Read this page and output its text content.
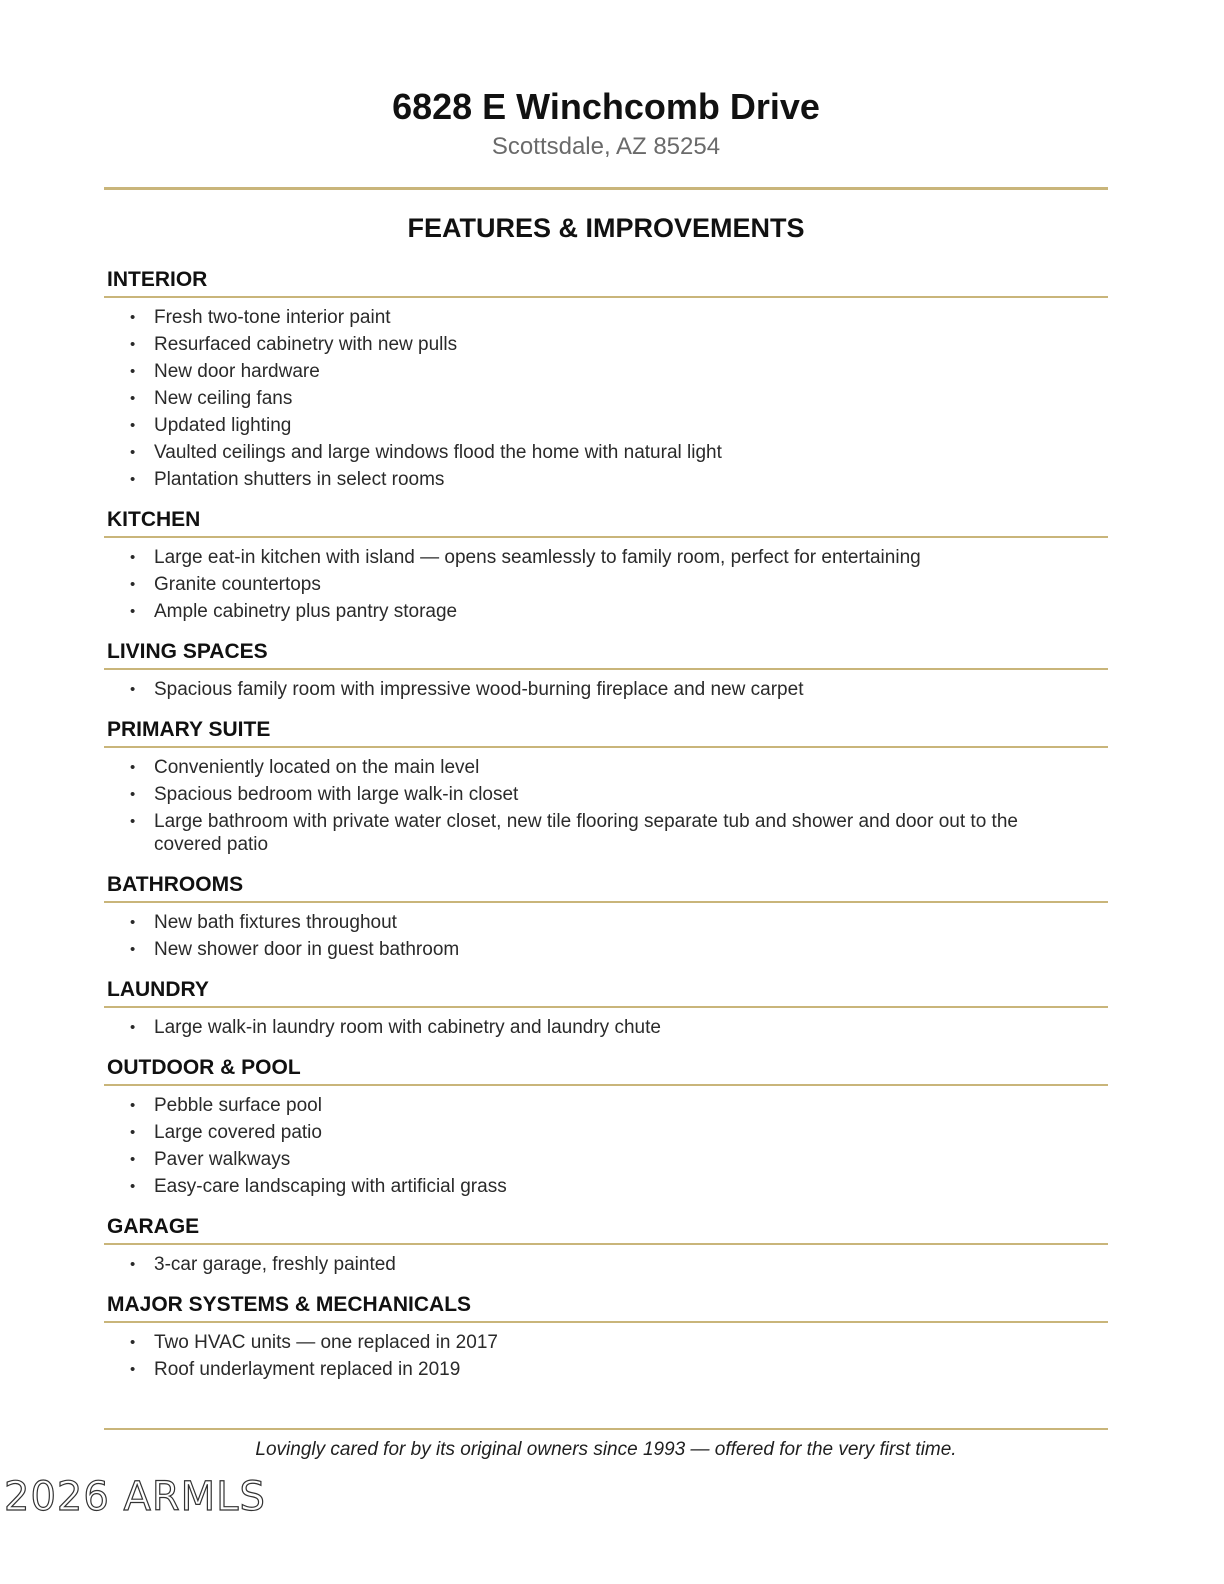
6828 E Winchcomb Drive
Scottsdale, AZ 85254
FEATURES & IMPROVEMENTS
INTERIOR
• Fresh two-tone interior paint
• Resurfaced cabinetry with new pulls
• New door hardware
• New ceiling fans
• Updated lighting
• Vaulted ceilings and large windows flood the home with natural light
• Plantation shutters in select rooms
KITCHEN
• Large eat-in kitchen with island — opens seamlessly to family room, perfect for entertaining
• Granite countertops
• Ample cabinetry plus pantry storage
LIVING SPACES
• Spacious family room with impressive wood-burning fireplace and new carpet
PRIMARY SUITE
• Conveniently located on the main level
• Spacious bedroom with large walk-in closet
• Large bathroom with private water closet, new tile flooring separate tub and shower and door out to the covered patio
BATHROOMS
• New bath fixtures throughout
• New shower door in guest bathroom
LAUNDRY
• Large walk-in laundry room with cabinetry and laundry chute
OUTDOOR & POOL
• Pebble surface pool
• Large covered patio
• Paver walkways
• Easy-care landscaping with artificial grass
GARAGE
• 3-car garage, freshly painted
MAJOR SYSTEMS & MECHANICALS
• Two HVAC units — one replaced in 2017
• Roof underlayment replaced in 2019
Lovingly cared for by its original owners since 1993 — offered for the very first time.
2026 ARMLS
